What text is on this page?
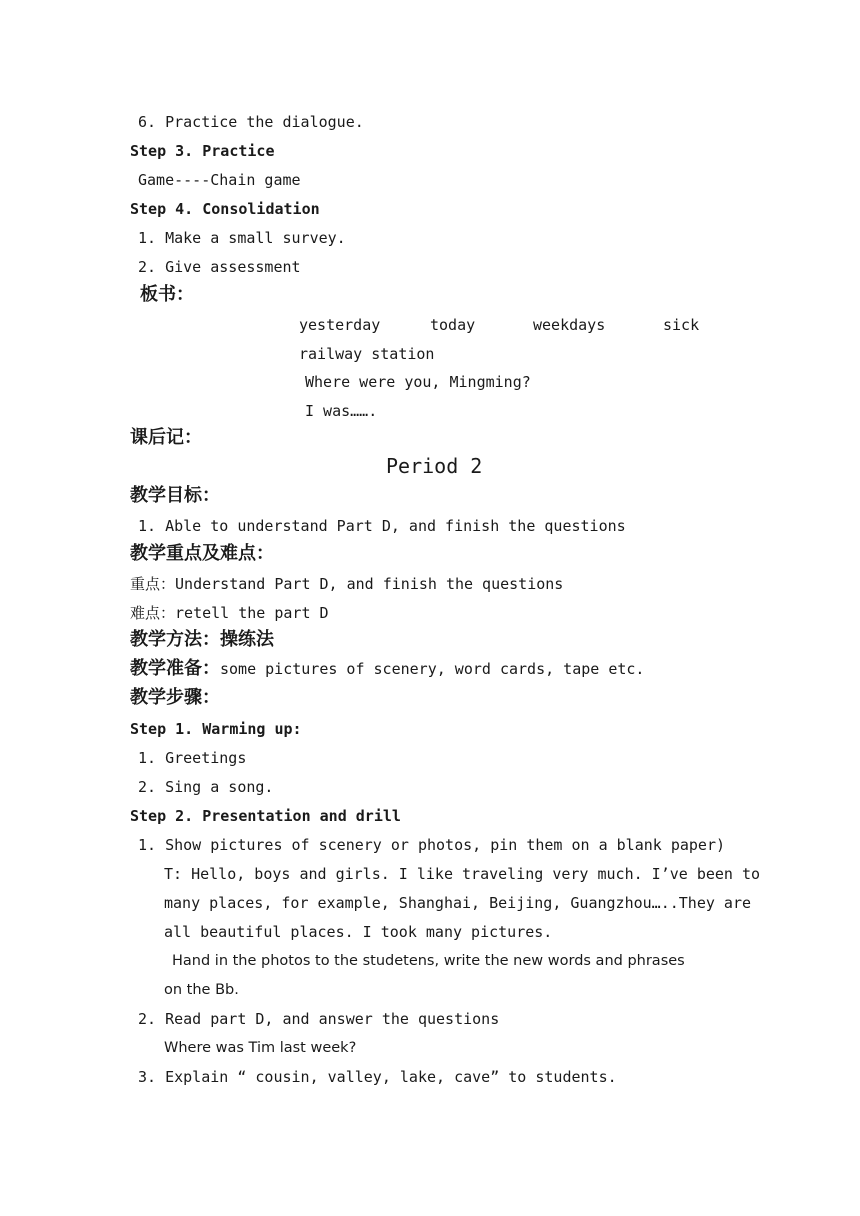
6. Practice the dialogue.
Step 3. Practice
Game----Chain game
Step 4. Consolidation
1. Make a small survey.
2. Give assessment
板书：
yesterday	today	weekdays	sick
railway station
Where were you, Mingming?
I was…….
课后记：
Period 2
教学目标：
1. Able to understand Part D, and finish the questions
教学重点及难点：
重点：Understand Part D, and finish the questions
难点：retell the part D
教学方法：操练法
教学准备：some pictures of scenery, word cards, tape etc.
教学步骤：
Step 1. Warming up:
1. Greetings
2. Sing a song.
Step 2. Presentation and drill
1. Show pictures of scenery or photos, pin them on a blank paper)
T: Hello, boys and girls. I like traveling very much. I’ve been to
many places, for example, Shanghai, Beijing, Guangzhou…..They are
all beautiful places. I took many pictures.
Hand in the photos to the studetens, write the new words and phrases
on the Bb.
2. Read part D, and answer the questions
Where was Tim last week?
3. Explain “ cousin, valley, lake, cave” to students.
